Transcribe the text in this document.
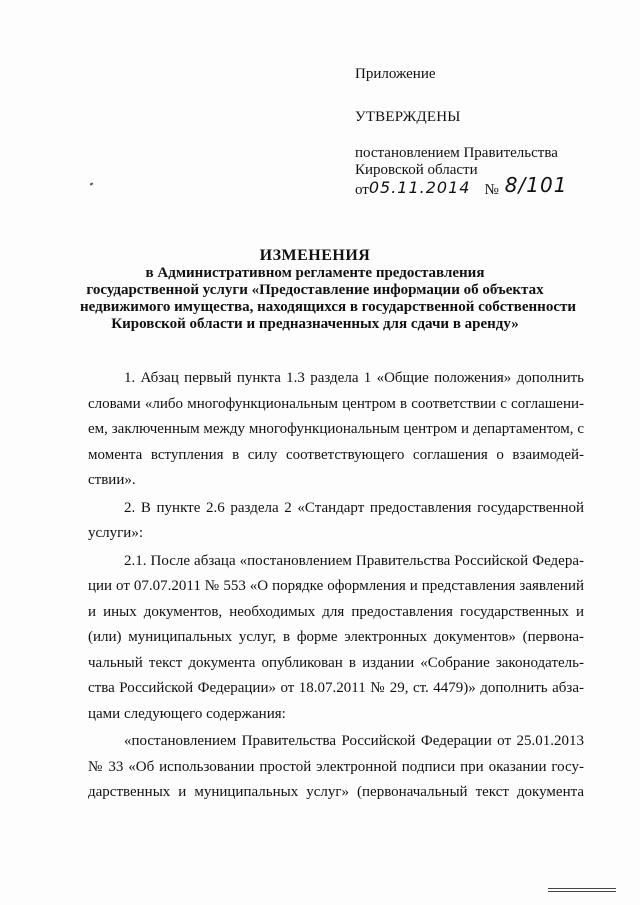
Приложение

УТВЕРЖДЕНЫ

постановлением Правительства

Кировской области

от05.11.2014 № 8/101

ИЗМЕНЕНИЯ

в Административном регламенте предоставления

государственной услуги «Предоставление информации об объектах

недвижимого имущества, находящихся в государственной собственности

Кировской области и предназначенных для сдачи в аренду»

1. Абзац первый пункта 1.3 раздела 1 «Общие положения» дополнить
словами «либо многофункциональным центром в соответствии с соглашени-
ем, заключенным между многофункциональным центром и департаментом, с
момента вступления в силу соответствующего соглашения о взаимодей-
ствии».
2. В пункте 2.6 раздела 2 «Стандарт предоставления государственной
услуги»:
2.1. После абзаца «постановлением Правительства Российской Федера-
ции от 07.07.2011 № 553 «О порядке оформления и представления заявлений
и иных документов, необходимых для предоставления государственных и
(или) муниципальных услуг, в форме электронных документов» (первона-
чальный текст документа опубликован в издании «Собрание законодатель-
ства Российской Федерации» от 18.07.2011 № 29, ст. 4479)» дополнить абза-
цами следующего содержания:
«постановлением Правительства Российской Федерации от 25.01.2013
№ 33 «Об использовании простой электронной подписи при оказании госу-
дарственных и муниципальных услуг» (первоначальный текст документа
